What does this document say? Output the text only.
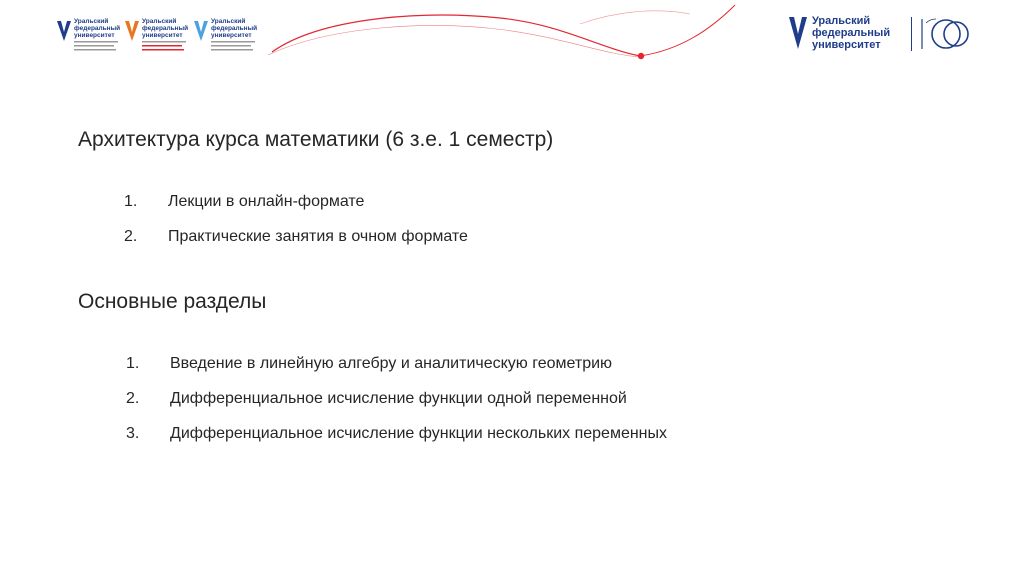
Уральский
федеральный
университет
Уральский
федеральный
университет
Уральский
федеральный
университет
Уральский
федеральный
университет
Архитектура курса математики (6 з.е. 1 семестр)
1. Лекции в онлайн-формате
2. Практические занятия в очном формате
Основные разделы
1. Введение в линейную алгебру и аналитическую геометрию
2. Дифференциальное исчисление функции одной переменной
3. Дифференциальное исчисление функции нескольких переменных
